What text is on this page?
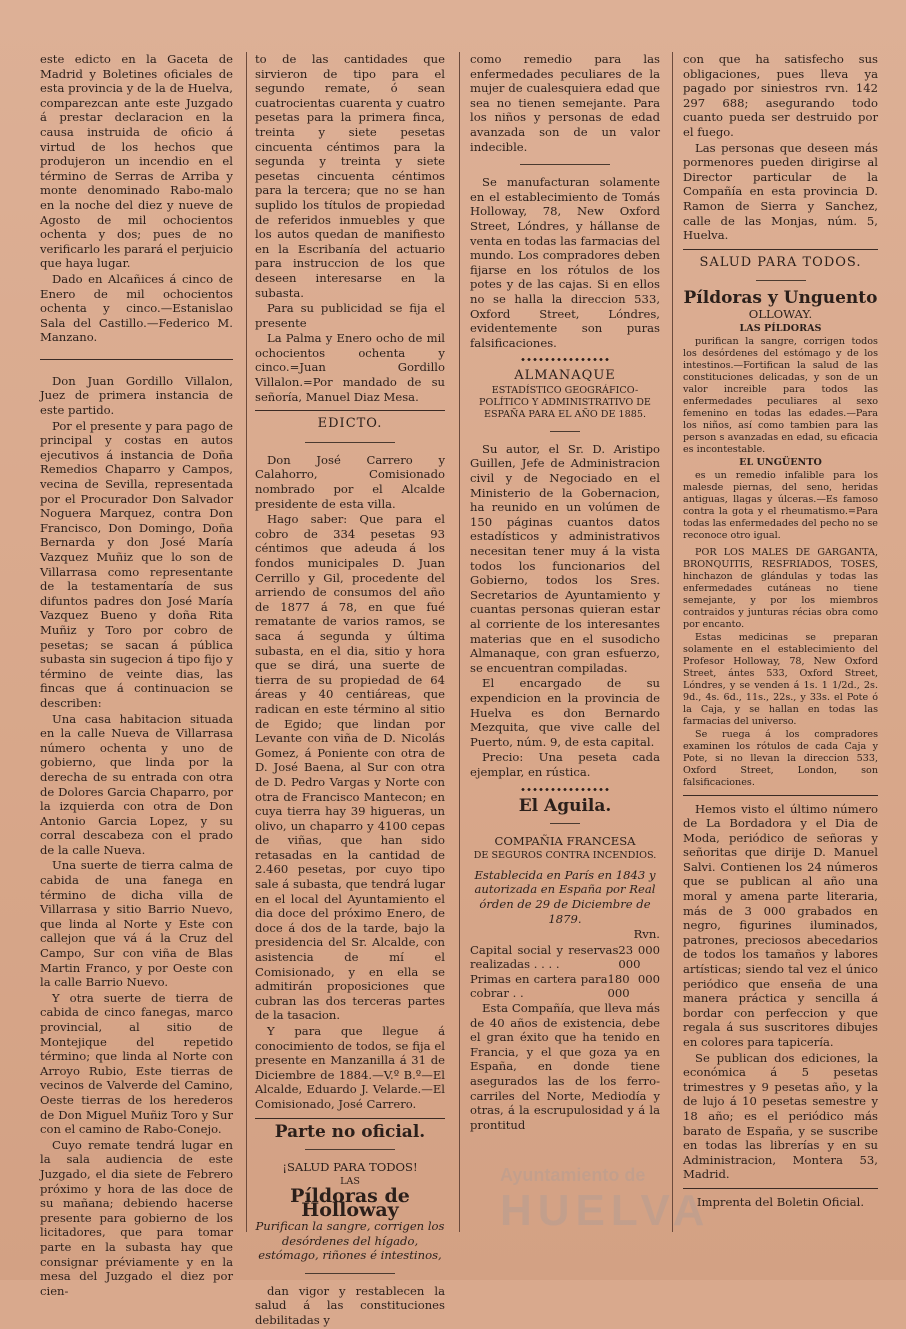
este edicto en la Gaceta de Madrid y Boletines oficiales de esta provincia y de la de Huelva, comparezcan ante este Juzgado á prestar declaracion en la causa instruida de oficio á virtud de los hechos que produjeron un incendio en el término de Serras de Arriba y monte denominado Rabo-malo en la noche del diez y nueve de Agosto de mil ochocientos ochenta y dos; pues de no verificarlo les parará el perjuicio que haya lugar.

Dado en Alcañices á cinco de Enero de mil ochocientos ochenta y cinco.—Estanislao Sala del Castillo.—Federico M. Manzano.

Don Juan Gordillo Villalon, Juez de primera instancia de este partido.

Por el presente y para pago de principal y costas en autos ejecutivos á instancia de Doña Remedios Chaparro y Campos, vecina de Sevilla, representada por el Procurador Don Salvador Noguera Marquez, contra Don Francisco, Don Domingo, Doña Bernarda y don José María Vazquez Muñiz que lo son de Villarrasa como representante de la testamentaría de sus difuntos padres don José María Vazquez Bueno y doña Rita Muñiz y Toro por cobro de pesetas; se sacan á pública subasta sin sugecion á tipo fijo y término de veinte dias, las fincas que á continuacion se describen:

Una casa habitacion situada en la calle Nueva de Villarrasa número ochenta y uno de gobierno, que linda por la derecha de su entrada con otra de Dolores Garcia Chaparro, por la izquierda con otra de Don Antonio Garcia Lopez, y su corral descabeza con el prado de la calle Nueva.

Una suerte de tierra calma de cabida de una fanega en término de dicha villa de Villarrasa y sitio Barrio Nuevo, que linda al Norte y Este con callejon que vá á la Cruz del Campo, Sur con viña de Blas Martin Franco, y por Oeste con la calle Barrio Nuevo.

Y otra suerte de tierra de cabida de cinco fanegas, marco provincial, al sitio de Montejique del repetido término; que linda al Norte con Arroyo Rubio, Este tierras de vecinos de Valverde del Camino, Oeste tierras de los herederos de Don Miguel Muñiz Toro y Sur con el camino de Rabo-Conejo.

Cuyo remate tendrá lugar en la sala audiencia de este Juzgado, el dia siete de Febrero próximo y hora de las doce de su mañana; debiendo hacerse presente para gobierno de los licitadores, que para tomar parte en la subasta hay que consignar préviamente y en la mesa del Juzgado el diez por cien-

to de las cantidades que sirvieron de tipo para el segundo remate, ó sean cuatrocientas cuarenta y cuatro pesetas para la primera finca, treinta y siete pesetas cincuenta céntimos para la segunda y treinta y siete pesetas cincuenta céntimos para la tercera; que no se han suplido los títulos de propiedad de referidos inmuebles y que los autos quedan de manifiesto en la Escribanía del actuario para instruccion de los que deseen interesarse en la subasta.

Para su publicidad se fija el presente

La Palma y Enero ocho de mil ochocientos ochenta y cinco.=Juan Gordillo Villalon.=Por mandado de su señoría, Manuel Diaz Mesa.

EDICTO.

Don José Carrero y Calahorro, Comisionado nombrado por el Alcalde presidente de esta villa.

Hago saber: Que para el cobro de 334 pesetas 93 céntimos que adeuda á los fondos municipales D. Juan Cerrillo y Gil, procedente del arriendo de consumos del año de 1877 á 78, en que fué rematante de varios ramos, se saca á segunda y última subasta, en el dia, sitio y hora que se dirá, una suerte de tierra de su propiedad de 64 áreas y 40 centiáreas, que radican en este término al sitio de Egido; que lindan por Levante con viña de D. Nicolás Gomez, á Poniente con otra de D. José Baena, al Sur con otra de D. Pedro Vargas y Norte con otra de Francisco Mantecon; en cuya tierra hay 39 higueras, un olivo, un chaparro y 4100 cepas de viñas, que han sido retasadas en la cantidad de 2.460 pesetas, por cuyo tipo sale á subasta, que tendrá lugar en el local del Ayuntamiento el dia doce del próximo Enero, de doce á dos de la tarde, bajo la presidencia del Sr. Alcalde, con asistencia de mí el Comisionado, y en ella se admitirán proposiciones que cubran las dos terceras partes de la tasacion.

Y para que llegue á conocimiento de todos, se fija el presente en Manzanilla á 31 de Diciembre de 1884.—V.º B.º—El Alcalde, Eduardo J. Velarde.—El Comisionado, José Carrero.

Parte no oficial.

¡SALUD PARA TODOS!

LAS

Píldoras de Holloway

Purifican la sangre, corrigen los desórdenes del hígado, estómago, riñones é intestinos,

dan vigor y restablecen la salud á las constituciones debilitadas y

como remedio para las enfermedades peculiares de la mujer de cualesquiera edad que sea no tienen semejante. Para los niños y personas de edad avanzada son de un valor indecible.

Se manufacturan solamente en el establecimiento de Tomás Holloway, 78, New Oxford Street, Lóndres, y hállanse de venta en todas las farmacias del mundo. Los compradores deben fijarse en los rótulos de los potes y de las cajas. Si en ellos no se halla la direccion 533, Oxford Street, Lóndres, evidentemente son puras falsificaciones.

ALMANAQUE

ESTADÍSTICO GEOGRÁFICO-POLÍTICO Y ADMINISTRATIVO DE ESPAÑA PARA EL AÑO DE 1885.

Su autor, el Sr. D. Aristipo Guillen, Jefe de Administracion civil y de Negociado en el Ministerio de la Gobernacion, ha reunido en un volúmen de 150 páginas cuantos datos estadísticos y administrativos necesitan tener muy á la vista todos los funcionarios del Gobierno, todos los Sres. Secretarios de Ayuntamiento y cuantas personas quieran estar al corriente de los interesantes materias que en el susodicho Almanaque, con gran esfuerzo, se encuentran compiladas.

El encargado de su expendicion en la provincia de Huelva es don Bernardo Mezquita, que vive calle del Puerto, núm. 9, de esta capital.

Precio: Una peseta cada ejemplar, en rústica.

El Aguila.

COMPAÑIA FRANCESA

DE SEGUROS CONTRA INCENDIOS.

Establecida en París en 1843 y autorizada en España por Real órden de 29 de Diciembre de 1879.

Rvn.

Capital social y reservas realizadas . . . .
23 000 000
Primas en cartera para cobrar . .
180 000 000

Esta Compañía, que lleva más de 40 años de existencia, debe el gran éxito que ha tenido en Francia, y el que goza ya en España, en donde tiene asegurados las de los ferro-carriles del Norte, Mediodía y otras, á la escrupulosidad y á la prontitud

con que ha satisfecho sus obligaciones, pues lleva ya pagado por siniestros rvn. 142 297 688; asegurando todo cuanto pueda ser destruido por el fuego.

Las personas que deseen más pormenores pueden dirigirse al Director particular de la Compañía en esta provincia D. Ramon de Sierra y Sanchez, calle de las Monjas, núm. 5, Huelva.

SALUD PARA TODOS.

Píldoras y Unguento

OLLOWAY.

LAS PÍLDORAS

purifican la sangre, corrigen todos los desórdenes del estómago y de los intestinos.—Fortifican la salud de las constituciones delicadas, y son de un valor increible para todos las enfermedades peculiares al sexo femenino en todas las edades.—Para los niños, así como tambien para las person s avanzadas en edad, su eficacia es incontestable.

EL UNGÜENTO

es un remedio infalible para los malesde piernas, del seno, heridas antiguas, llagas y úlceras.—Es famoso contra la gota y el rheumatismo.=Para todas las enfermedades del pecho no se reconoce otro igual.

POR LOS MALES DE GARGANTA, BRONQUITIS, RESFRIADOS, TOSES, hinchazon de glándulas y todas las enfermedades cutáneas no tiene semejante, y por los miembros contraidos y junturas récias obra como por encanto.

Estas medicinas se preparan solamente en el establecimiento del Profesor Holloway, 78, New Oxford Street, ántes 533, Oxford Street, Lóndres, y se venden á 1s. 1 1/2d., 2s. 9d., 4s. 6d., 11s., 22s., y 33s. el Pote ó la Caja, y se hallan en todas las farmacias del universo.

Se ruega á los compradores examinen los rótulos de cada Caja y Pote, si no llevan la direccion 533, Oxford Street, London, son falsificaciones.

Hemos visto el último número de La Bordadora y el Dia de Moda, periódico de señoras y señoritas que dirije D. Manuel Salvi. Contienen los 24 números que se publican al año una moral y amena parte literaria, más de 3 000 grabados en negro, figurines iluminados, patrones, preciosos abecedarios de todos los tamaños y labores artísticas; siendo tal vez el único periódico que enseña de una manera práctica y sencilla á bordar con perfeccion y que regala á sus suscritores dibujes en colores para tapicería.

Se publican dos ediciones, la económica á 5 pesetas trimestres y 9 pesetas año, y la de lujo á 10 pesetas semestre y 18 año; es el periódico más barato de España, y se suscribe en todas las librerías y en su Administracion, Montera 53, Madrid.

Imprenta del Boletin Oficial.

Ayuntamiento de
HUELVA
